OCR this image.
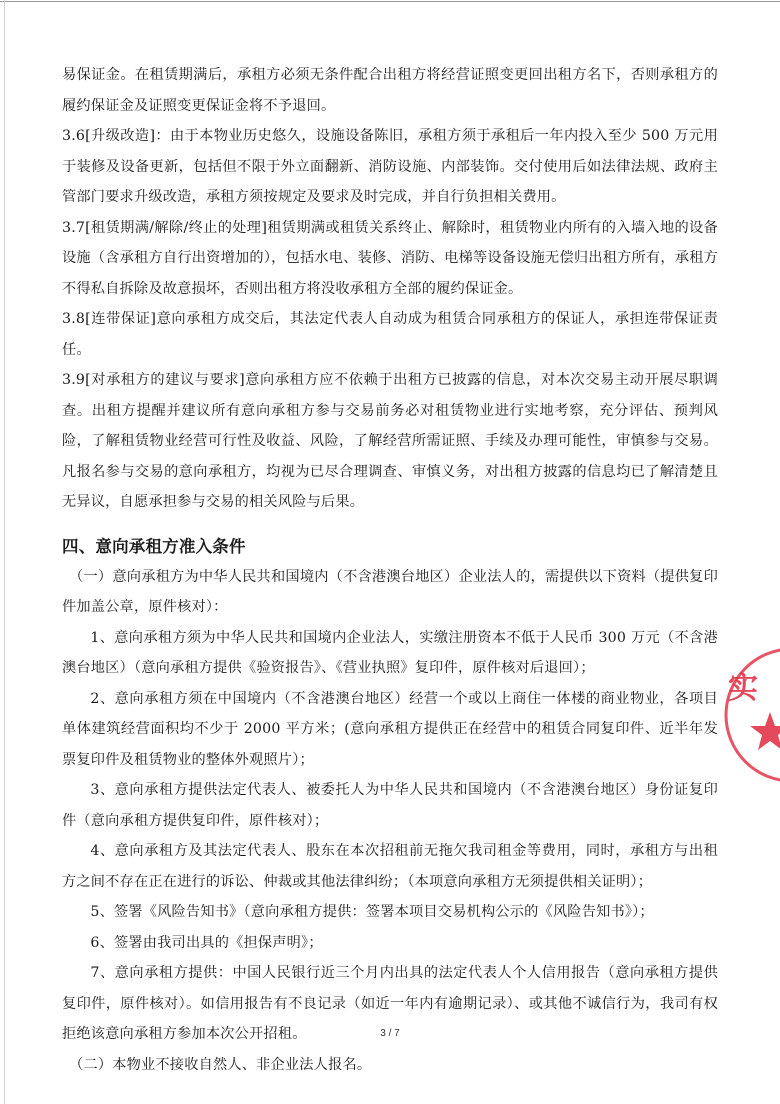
易保证金。在租赁期满后，承租方必须无条件配合出租方将经营证照变更回出租方名下，否则承租方的履约保证金及证照变更保证金将不予退回。

3.6[升级改造]：由于本物业历史悠久，设施设备陈旧，承租方须于承租后一年内投入至少 500 万元用于装修及设备更新，包括但不限于外立面翻新、消防设施、内部装饰。交付使用后如法律法规、政府主管部门要求升级改造，承租方须按规定及要求及时完成，并自行负担相关费用。

3.7[租赁期满/解除/终止的处理]租赁期满或租赁关系终止、解除时，租赁物业内所有的入墙入地的设备设施（含承租方自行出资增加的），包括水电、装修、消防、电梯等设备设施无偿归出租方所有，承租方不得私自拆除及故意损坏，否则出租方将没收承租方全部的履约保证金。

3.8[连带保证]意向承租方成交后，其法定代表人自动成为租赁合同承租方的保证人，承担连带保证责任。

3.9[对承租方的建议与要求]意向承租方应不依赖于出租方已披露的信息，对本次交易主动开展尽职调查。出租方提醒并建议所有意向承租方参与交易前务必对租赁物业进行实地考察，充分评估、预判风险，了解租赁物业经营可行性及收益、风险，了解经营所需证照、手续及办理可能性，审慎参与交易。凡报名参与交易的意向承租方，均视为已尽合理调查、审慎义务，对出租方披露的信息均已了解清楚且无异议，自愿承担参与交易的相关风险与后果。

四、意向承租方准入条件

（一）意向承租方为中华人民共和国境内（不含港澳台地区）企业法人的，需提供以下资料（提供复印件加盖公章，原件核对）：

1、意向承租方须为中华人民共和国境内企业法人，实缴注册资本不低于人民币 300 万元（不含港澳台地区）（意向承租方提供《验资报告》、《营业执照》复印件，原件核对后退回）；

2、意向承租方须在中国境内（不含港澳台地区）经营一个或以上商住一体楼的商业物业，各项目单体建筑经营面积均不少于 2000 平方米；(意向承租方提供正在经营中的租赁合同复印件、近半年发票复印件及租赁物业的整体外观照片）；

3、意向承租方提供法定代表人、被委托人为中华人民共和国境内（不含港澳台地区）身份证复印件（意向承租方提供复印件，原件核对）；

4、意向承租方及其法定代表人、股东在本次招租前无拖欠我司租金等费用，同时，承租方与出租方之间不存在正在进行的诉讼、仲裁或其他法律纠纷；（本项意向承租方无须提供相关证明）；

5、签署《风险告知书》（意向承租方提供：签署本项目交易机构公示的《风险告知书》）；

6、签署由我司出具的《担保声明》；

7、意向承租方提供：中国人民银行近三个月内出具的法定代表人个人信用报告（意向承租方提供复印件，原件核对）。如信用报告有不良记录（如近一年内有逾期记录）、或其他不诚信行为，我司有权拒绝该意向承租方参加本次公开招租。

（二）本物业不接收自然人、非企业法人报名。

3 / 7
实
